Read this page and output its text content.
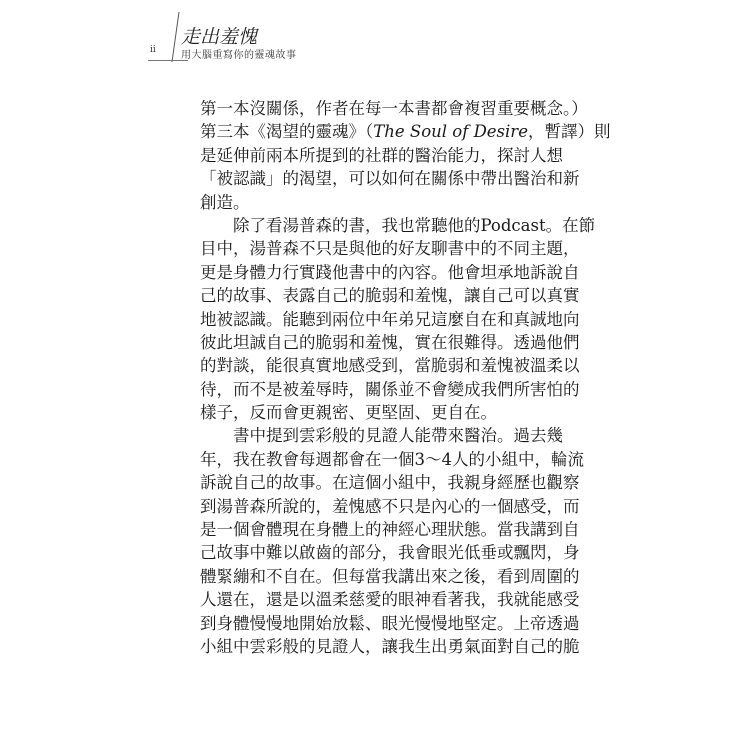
ii
走出羞愧
用大腦重寫你的靈魂故事
第一本沒關係，作者在每一本書都會複習重要概念。）
第三本《渴望的靈魂》（The Soul of Desire，暫譯）則
是延伸前兩本所提到的社群的醫治能力，探討人想
「被認識」的渴望，可以如何在關係中帶出醫治和新
創造。
除了看湯普森的書，我也常聽他的Podcast。在節
目中，湯普森不只是與他的好友聊書中的不同主題，
更是身體力行實踐他書中的內容。他會坦承地訴說自
己的故事、表露自己的脆弱和羞愧，讓自己可以真實
地被認識。能聽到兩位中年弟兄這麼自在和真誠地向
彼此坦誠自己的脆弱和羞愧，實在很難得。透過他們
的對談，能很真實地感受到，當脆弱和羞愧被溫柔以
待，而不是被羞辱時，關係並不會變成我們所害怕的
樣子，反而會更親密、更堅固、更自在。
書中提到雲彩般的見證人能帶來醫治。過去幾
年，我在教會每週都會在一個3～4人的小組中，輪流
訴說自己的故事。在這個小組中，我親身經歷也觀察
到湯普森所說的，羞愧感不只是內心的一個感受，而
是一個會體現在身體上的神經心理狀態。當我講到自
己故事中難以啟齒的部分，我會眼光低垂或飄閃，身
體緊繃和不自在。但每當我講出來之後，看到周圍的
人還在，還是以溫柔慈愛的眼神看著我，我就能感受
到身體慢慢地開始放鬆、眼光慢慢地堅定。上帝透過
小組中雲彩般的見證人，讓我生出勇氣面對自己的脆
